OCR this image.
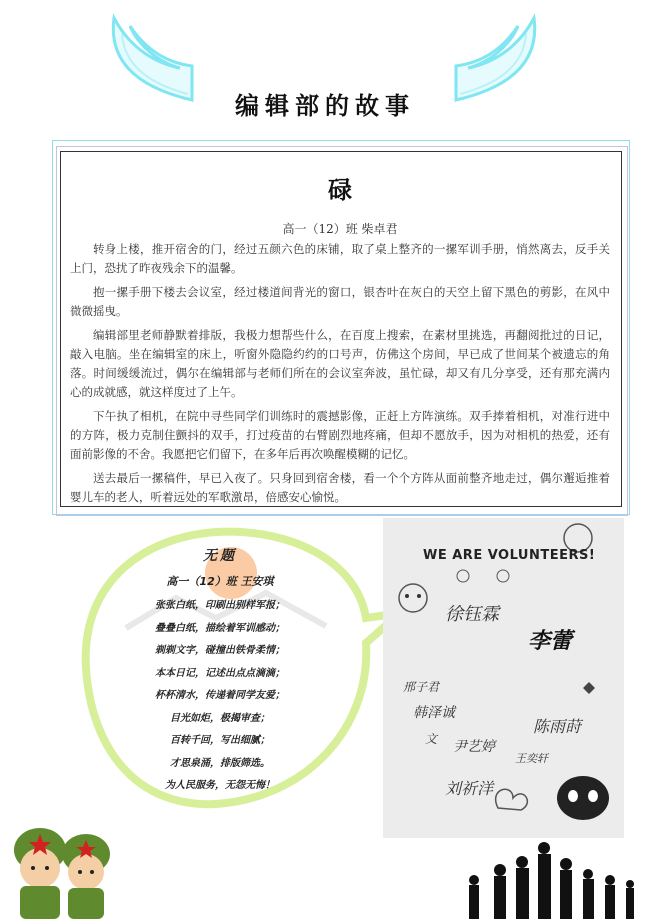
编辑部的故事
碌
高一（12）班 柴卓君

转身上楼，推开宿舍的门，经过五颜六色的床铺，取了桌上整齐的一摞军训手册，悄然离去，反手关上门，恐扰了昨夜残余下的温馨。

抱一摞手册下楼去会议室，经过楼道间背光的窗口，银杏叶在灰白的天空上留下黑色的剪影，在风中微微摇曳。

编辑部里老师静默着排版，我极力想帮些什么，在百度上搜索，在素材里挑选，再翻阅批过的日记，敲入电脑。坐在编辑室的床上，听窗外隐隐约约的口号声，仿佛这个房间，早已成了世间某个被遗忘的角落。时间缓缓流过，偶尔在编辑部与老师们所在的会议室奔波，虽忙碌，却又有几分享受，还有那充满内心的成就感，就这样度过了上午。

下午执了相机，在院中寻些同学们训练时的震撼影像，正赶上方阵演练。双手捧着相机，对准行进中的方阵，极力克制住颤抖的双手，打过疫苗的右臂剧烈地疼痛，但却不愿放手，因为对相机的热爱，还有面前影像的不舍。我愿把它们留下，在多年后再次唤醒模糊的记忆。

送去最后一摞稿件，早已入夜了。只身回到宿舍楼，看一个个方阵从面前整齐地走过，偶尔邂逅推着婴儿车的老人，听着远处的军歌激昂，倍感安心愉悦。

无题
高一（12）班 王安琪
张张白纸，印刷出别样军报；
叠叠白纸，描绘着军训感动；
剃剃文字，碰撞出铁骨柔情；
本本日记，记述出点点滴滴；
杯杯清水，传递着同学友爱；
目光如炬，极揭审查；
百转千回，写出细腻；
才思泉涌，排版筛选。
为人民服务，无怨无悔！
WE ARE VOLUNTEERS!
徐钰霖
李蕾
邢子君
韩泽诚
陈雨莳
尹艺婷
王奕轩
刘祈洋
文
